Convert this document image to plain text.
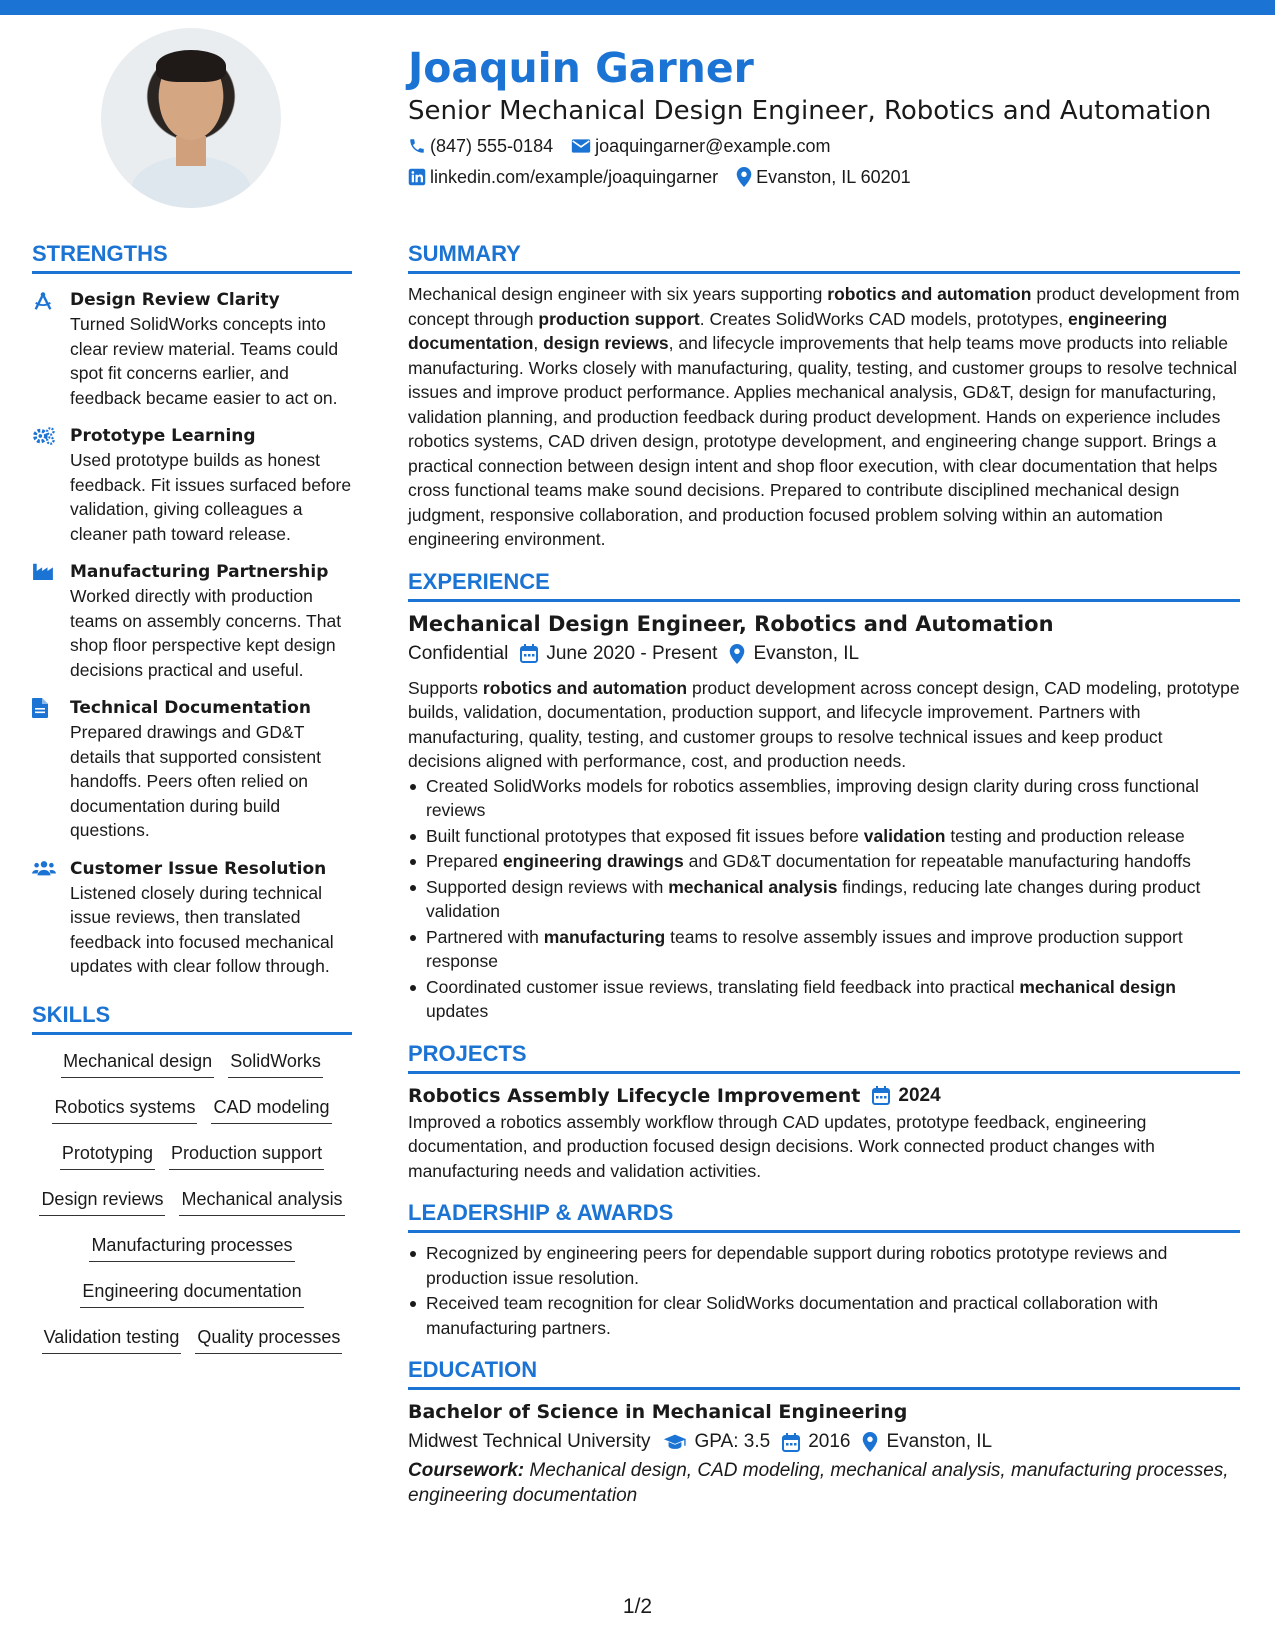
Joaquin Garner
Senior Mechanical Design Engineer, Robotics and Automation
(847) 555-0184 joaquingarner@example.com
linkedin.com/example/joaquingarner Evanston, IL 60201
STRENGTHS
Design Review Clarity
Turned SolidWorks concepts into clear review material. Teams could spot fit concerns earlier, and feedback became easier to act on.
Prototype Learning
Used prototype builds as honest feedback. Fit issues surfaced before validation, giving colleagues a cleaner path toward release.
Manufacturing Partnership
Worked directly with production teams on assembly concerns. That shop floor perspective kept design decisions practical and useful.
Technical Documentation
Prepared drawings and GD&T details that supported consistent handoffs. Peers often relied on documentation during build questions.
Customer Issue Resolution
Listened closely during technical issue reviews, then translated feedback into focused mechanical updates with clear follow through.
SKILLS
Mechanical design SolidWorks
Robotics systems CAD modeling
Prototyping Production support
Design reviews Mechanical analysis
Manufacturing processes
Engineering documentation
Validation testing Quality processes
SUMMARY
Mechanical design engineer with six years supporting robotics and automation product development from concept through production support. Creates SolidWorks CAD models, prototypes, engineering documentation, design reviews, and lifecycle improvements that help teams move products into reliable manufacturing. Works closely with manufacturing, quality, testing, and customer groups to resolve technical issues and improve product performance. Applies mechanical analysis, GD&T, design for manufacturing, validation planning, and production feedback during product development. Hands on experience includes robotics systems, CAD driven design, prototype development, and engineering change support. Brings a practical connection between design intent and shop floor execution, with clear documentation that helps cross functional teams make sound decisions. Prepared to contribute disciplined mechanical design judgment, responsive collaboration, and production focused problem solving within an automation engineering environment.
EXPERIENCE
Mechanical Design Engineer, Robotics and Automation
Confidential June 2020 - Present Evanston, IL
Supports robotics and automation product development across concept design, CAD modeling, prototype builds, validation, documentation, production support, and lifecycle improvement. Partners with manufacturing, quality, testing, and customer groups to resolve technical issues and keep product decisions aligned with performance, cost, and production needs.
Created SolidWorks models for robotics assemblies, improving design clarity during cross functional reviews
Built functional prototypes that exposed fit issues before validation testing and production release
Prepared engineering drawings and GD&T documentation for repeatable manufacturing handoffs
Supported design reviews with mechanical analysis findings, reducing late changes during product validation
Partnered with manufacturing teams to resolve assembly issues and improve production support response
Coordinated customer issue reviews, translating field feedback into practical mechanical design updates
PROJECTS
Robotics Assembly Lifecycle Improvement 2024
Improved a robotics assembly workflow through CAD updates, prototype feedback, engineering documentation, and production focused design decisions. Work connected product changes with manufacturing needs and validation activities.
LEADERSHIP & AWARDS
Recognized by engineering peers for dependable support during robotics prototype reviews and production issue resolution.
Received team recognition for clear SolidWorks documentation and practical collaboration with manufacturing partners.
EDUCATION
Bachelor of Science in Mechanical Engineering
Midwest Technical University GPA: 3.5 2016 Evanston, IL
Coursework: Mechanical design, CAD modeling, mechanical analysis, manufacturing processes, engineering documentation
1/2
